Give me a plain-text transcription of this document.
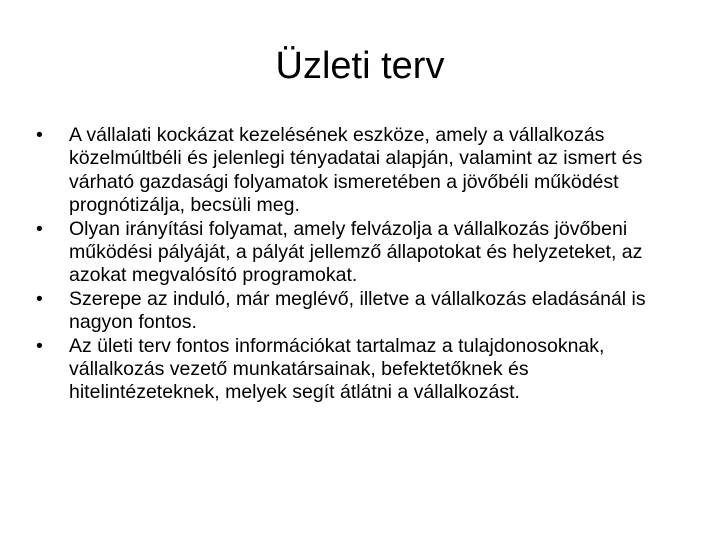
Üzleti terv
•	A vállalati kockázat kezelésének eszköze, amely a vállalkozás közelmúltbéli és jelenlegi tényadatai alapján, valamint az ismert és várható gazdasági folyamatok ismeretében a jövőbéli működést prognótizálja, becsüli meg.
•	Olyan irányítási folyamat, amely felvázolja a vállalkozás jövőbeni működési pályáját, a pályát jellemző állapotokat és helyzeteket, az azokat megvalósító programokat.
•	Szerepe az induló, már meglévő, illetve a vállalkozás eladásánál is nagyon fontos.
•	Az ületi terv fontos információkat tartalmaz a tulajdonosoknak, vállalkozás vezető munkatársainak, befektetőknek és hitelintézeteknek, melyek segít átlátni a vállalkozást.
